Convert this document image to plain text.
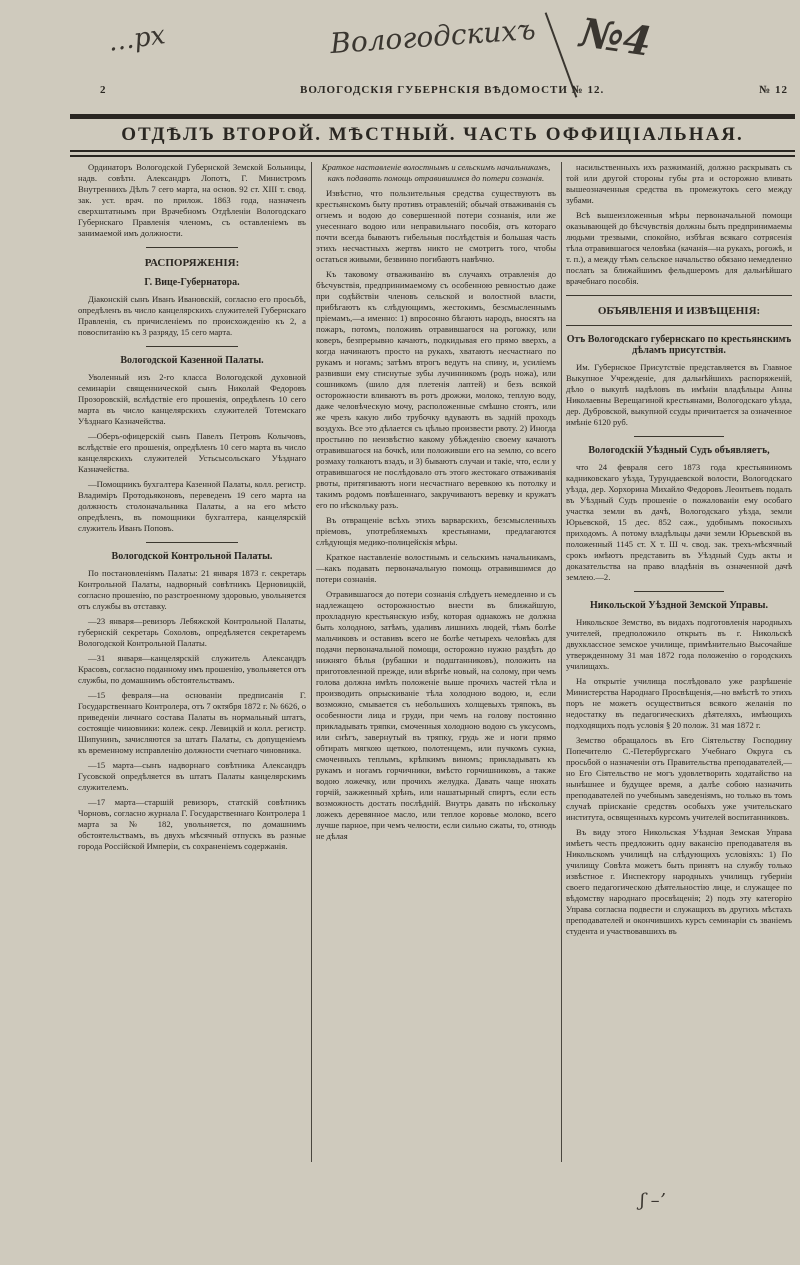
…рх	Вологодскихъ №4
2	ВОЛОГОДСКІЯ ГУБЕРНСКІЯ ВѢДОМОСТИ № 12.	№ 12
ОТДѢЛЪ ВТОРОЙ. МѢСТНЫЙ. ЧАСТЬ ОФФИЦІАЛЬНАЯ.

Ординаторъ Вологодской Губернской Земской Больницы, надв. совѣтн. Александръ Лопотъ, Г. Министромъ Внутреннихъ Дѣлъ 7 сего марта, на основ. 92 ст. XIII т. свод. зак. уст. врач. по прилож. 1863 года, назначенъ сверхштатнымъ при Врачебномъ Отдѣленіи Вологодскаго Губернскаго Правленія членомъ, съ оставленіемъ въ занимаемой имъ должности.

РАСПОРЯЖЕНІЯ:
Г. Вице-Губернатора.

Діаконскій сынъ Иванъ Ивановскій, согласно его просьбѣ, опредѣленъ въ число канцелярскихъ служителей Губернскаго Правленія, съ причисленіемъ по происхожденію къ 2, а повоспитанію къ 3 разряду, 15 сего марта.

Вологодской Казенной Палаты.

Уволенный изъ 2-го класса Вологодской духовной семинаріи священнической сынъ Николай Федоровъ Прозоровскій, вслѣдствіе его прошенія, опредѣленъ 10 сего марта въ число канцелярскихъ служителей Тотемскаго Уѣзднаго Казначейства.

—Оберъ-офицерскій сынъ Павелъ Петровъ Колычовъ, вслѣдствіе его прошенія, опредѣленъ 10 сего марта въ число канцелярскихъ служителей Устьсысольскаго Уѣзднаго Казначейства.

—Помощникъ бухгалтера Казенной Палаты, колл. регистр. Владиміръ Протодьяконовъ, переведенъ 19 сего марта на должность столоначальника Палаты, а на его мѣсто опредѣленъ, въ помощники бухгалтера, канцелярскій служитель Иванъ Поповъ.

Вологодской Контрольной Палаты.

По постановленіямъ Палаты: 21 января 1873 г. секретарь Контрольной Палаты, надворный совѣтникъ Церновицкій, согласно прошенію, по разстроенному здоровью, увольняется отъ службы въ отставку.

—23 января—ревизоръ Лебяжской Контрольной Палаты, губернскій секретарь Сохоловъ, опредѣляется секретаремъ Вологодской Контрольной Палаты.

—31 января—канцелярскій служитель Александръ Красовъ, согласно поданному имъ прошенію, увольняется отъ службы, по домашнимъ обстоятельствамъ.

—15 февраля—на основаніи предписанія Г. Государственнаго Контролера, отъ 7 октября 1872 г. № 6626, о приведеніи личнаго состава Палаты въ нормальный штатъ, состоящіе чиновники: колеж. секр. Левицкій и колл. регистр. Шипунинъ, зачисляются за штатъ Палаты, съ допущеніемъ къ временному исправленію должности счетнаго чиновника.

—15 марта—сынъ надворнаго совѣтника Александръ Гусовской опредѣляется въ штатъ Палаты канцелярскимъ служителемъ.

—17 марта—старшій ревизоръ, статскій совѣтникъ Чорновъ, согласно журнала Г. Государственнаго Контролера 1 марта за № 182, увольняется, по домашнимъ обстоятельствамъ, въ двухъ мѣсячный отпускъ въ разные города Россійской Имперіи, съ сохраненіемъ содержанія.

Краткое наставленіе волостнымъ и сельскимъ начальникамъ, какъ подавать помощь отравившимся до потери сознанія.

Извѣстно, что пользительныя средства существуютъ въ крестьянскомъ быту противъ отравленій; обычай отваживанія съ огнемъ и водою до совершенной потери сознанія, или же унесеннаго водою или неправильнаго пособія, отъ котораго почти всегда бываютъ гибельныя послѣдствія и большая часть этихъ несчастныхъ жертвъ никто не смотритъ того, чтобы остаться живыми, безвинно погибаютъ навѣчно.

Къ таковому отваживанію въ случаяхъ отравленія до бѣсчувствія, предпринимаемому съ особенною ревностью даже при содѣйствіи членовъ сельской и волостной власти, прибѣгаютъ къ слѣдующимъ, жестокимъ, безсмысленнымъ пріемамъ,—а именно: 1) впросонно бѣгають народъ, вносятъ на пожаръ, потомъ, положивъ отравившагося на рогожку, или коверъ, безпрерывно качаютъ, подкидывая его прямо вверхъ, а когда начинаютъ просто на рукахъ, хватаютъ несчастнаго по рукамъ и ногамъ; затѣмъ втрогъ ведутъ на спину, и, усиліемъ развивши ему стиснутые зубы лучинникомъ (родъ ножа), или сошникомъ (шило для плетенія лаптей) и безъ всякой осторожности вливаютъ въ ротъ дрожжи, молоко, теплую воду, даже человѣческую мочу, расположенные смѣшно стоятъ, или же чрезъ какую либо трубочку вдуваютъ въ задній проходъ воздухъ. Все это дѣлается съ цѣлью произвести рвоту. 2) Иногда простыню по неизвѣстно какому убѣжденію своему качаютъ отравившагося на бочкѣ, или положивши его на землю, со всего розмаху толкаютъ взадъ, и 3) бываютъ случаи и такіе, что, если у отравившагося не послѣдовало отъ этого жестокаго отваживанія рвоты, притягиваютъ ноги несчастнаго веревкою къ потолку и такимъ родомъ повѣшеннаго, закручиваютъ веревку и кружатъ его по нѣскольку разъ.

Въ отвращеніе всѣхъ этихъ варварскихъ, безсмысленныхъ пріемовъ, употребляемыхъ крестьянами, предлагаются слѣдующія медико-полицейскія мѣры.

Краткое наставленіе волостнымъ и сельскимъ начальникамъ,—какъ подавать первоначальную помощь отравившимся до потери сознанія.

Отравившагося до потери сознанія слѣдуетъ немедленно и съ надлежащею осторожностью внести въ ближайшую, прохладную крестьянскую избу, которая однакожъ не должна быть холодною, затѣмъ, удаливъ лишнихъ людей, тѣмъ болѣе мальчиковъ и оставивъ всего не болѣе четырехъ человѣкъ для подачи первоначальной помощи, осторожно нужно раздѣть до нижняго бѣлья (рубашки и подштанниковъ), положить на приготовленной прежде, или вѣрнѣе новый, на солому, при чемъ голова должна имѣть положеніе выше прочихъ частей тѣла и производить опрыскиваніе тѣла холодною водою, и, если возможно, смывается съ небольшихъ холщевыхъ тряпокъ, въ особенности лица и груди, при чемъ на голову постоянно прикладывать тряпки, смоченныя холодною водою съ уксусомъ, или снѣгъ, завернутый въ тряпку, грудь же и ноги прямо обтирать мягкою щеткою, полотенцемъ, или пучкомъ сукна, смоченныхъ теплымъ, крѣпкимъ виномъ; прикладывать къ рукамъ и ногамъ горчичники, вмѣсто горчишниковъ, а также водою ложечку, или прочихъ желудка. Давать чаще нюхать горчій, зажженный хрѣнъ, или нашатырный спиртъ, если есть возможность достать послѣдній. Внутрь давать по нѣскольку ложекъ деревянное масло, или теплое коровье молоко, всего лучше парное, при чемъ челюсти, если сильно сжаты, то, отнюдь не дѣлая

насильственныхъ ихъ разжиманій, должно раскрывать съ той или другой стороны губы рта и осторожно вливать вышеозначенныя средства въ промежутокъ сего между зубами.

Всѣ вышеизложенныя мѣры первоначальной помощи оказывающей до бѣсчувствія должны быть предпринимаемы людьми трезвыми, спокойно, избѣгая всякаго сотрясенія тѣла отравившагося человѣка (качанія—на рукахъ, рогожѣ, и т. п.), а между тѣмъ сельское начальство обязано немедленно послать за ближайшимъ фельдшеромъ для дальнѣйшаго врачебнаго пособія.

ОБЪЯВЛЕНІЯ И ИЗВѢЩЕНІЯ:
Отъ Вологодскаго губернскаго по крестьянскимъ дѣламъ присутствія.

Им. Губернское Присутствіе представляется въ Главное Выкупное Учрежденіе, для дальнѣйшихъ распоряженій, дѣло о выкупѣ надѣловъ въ имѣніи владѣльцы Анны Николаевны Верещагиной крестьянами, Вологодскаго уѣзда, дер. Дубровской, выкупной ссуды причитается за означенное имѣніе 6120 руб.

Вологодскій Уѣздный Судъ объявляетъ,

что 24 февраля сего 1873 года крестьяниномъ кадниковскаго уѣзда, Турундаевской волости, Вологодскаго уѣзда, дер. Хорхорина Михайло Федоровъ Леонтьевъ подалъ въ Уѣздный Судъ прошеніе о пожалованіи ему особаго участка земли въ дачѣ, Вологодскаго уѣзда, земли Юрьевской, 15 дес. 852 саж., удобнымъ покосныхъ приходомъ. А потому владѣльцы дачи земли Юрьевской въ положенный 1145 ст. X т. Ш ч. свод. зак. трехъ-мѣсячный срокъ имѣютъ представить въ Уѣздный Судъ акты и доказательства на право владѣнія въ означенной дачѣ землею.—2.

Никольской Уѣздной Земской Управы.

Никольское Земство, въ видахъ подготовленія народныхъ учителей, предположило открыть въ г. Никольскѣ двухклассное земское училище, примѣнительно Высочайше утвержденному 31 мая 1872 года положенію о городскихъ училищахъ.

На открытіе училища послѣдовало уже разрѣшеніе Министерства Народнаго Просвѣщенія,—но вмѣстѣ то этихъ поръ не можетъ осуществиться всякого желанія по недостатку въ педагогическихъ дѣятеляхъ, имѣющихъ подходящихъ подъ условія § 20 полож. 31 мая 1872 г.

Земство обращалось въ Его Сіятельству Господину Попечителю С.-Петербургскаго Учебнаго Округа съ просьбой о назначеніи отъ Правительства преподавателей,—но Его Сіятельство не могъ удовлетворить ходатайство на нынѣшнее и будущее время, а далѣе собою назначить преподавателей по учебнымъ заведеніямъ, но только въ томъ случаѣ пріисканіе средствъ особыхъ уже учительскаго института, освященныхъ курсомъ учителей воспитанниковъ.

Въ виду этого Никольская Уѣздная Земская Управа имѣетъ честь предложить одну вакансію преподавателя въ Никольскомъ училищѣ на слѣдующихъ условіяхъ: 1) По училищу Совѣта можетъ быть принятъ на службу только извѣстное г. Инспектору народныхъ училищъ губерніи своего педагогическою дѣятельностію лице, и служащее по вѣдомству народнаго просвѣщенія; 2) подъ эту категорію Управа согласна подвести и служащихъ въ другихъ мѣстахъ преподавателей и окончившихъ курсъ семинаріи съ званіемъ студента и участвовавшихъ въ

ʃ –ʼ
